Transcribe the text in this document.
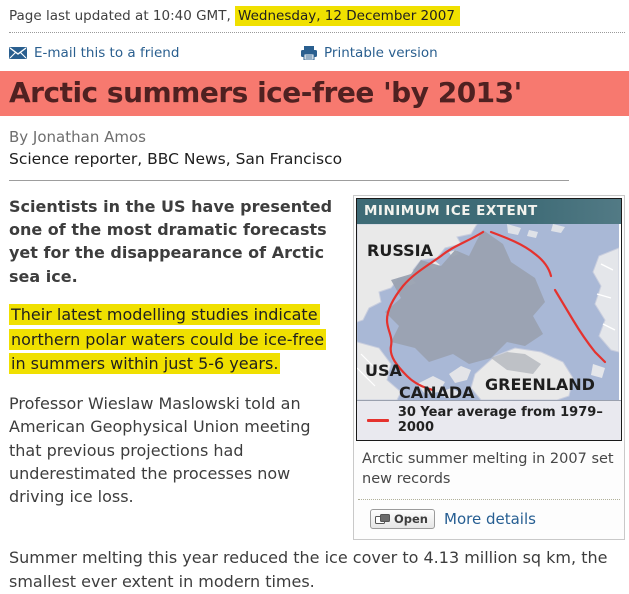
Page last updated at 10:40 GMT, Wednesday, 12 December 2007
E-mail this to a friend	Printable version
Arctic summers ice-free 'by 2013'
By Jonathan Amos
Science reporter, BBC News, San Francisco

Scientists in the US have presented one of the most dramatic forecasts yet for the disappearance of Arctic sea ice.

Their latest modelling studies indicate northern polar waters could be ice-free in summers within just 5-6 years.

Professor Wieslaw Maslowski told an American Geophysical Union meeting that previous projections had underestimated the processes now driving ice loss.

MINIMUM ICE EXTENT
RUSSIA
USA
CANADA GREENLAND
30 Year average from 1979–2000
Arctic summer melting in 2007 set new records
Open More details

Summer melting this year reduced the ice cover to 4.13 million sq km, the smallest ever extent in modern times.
